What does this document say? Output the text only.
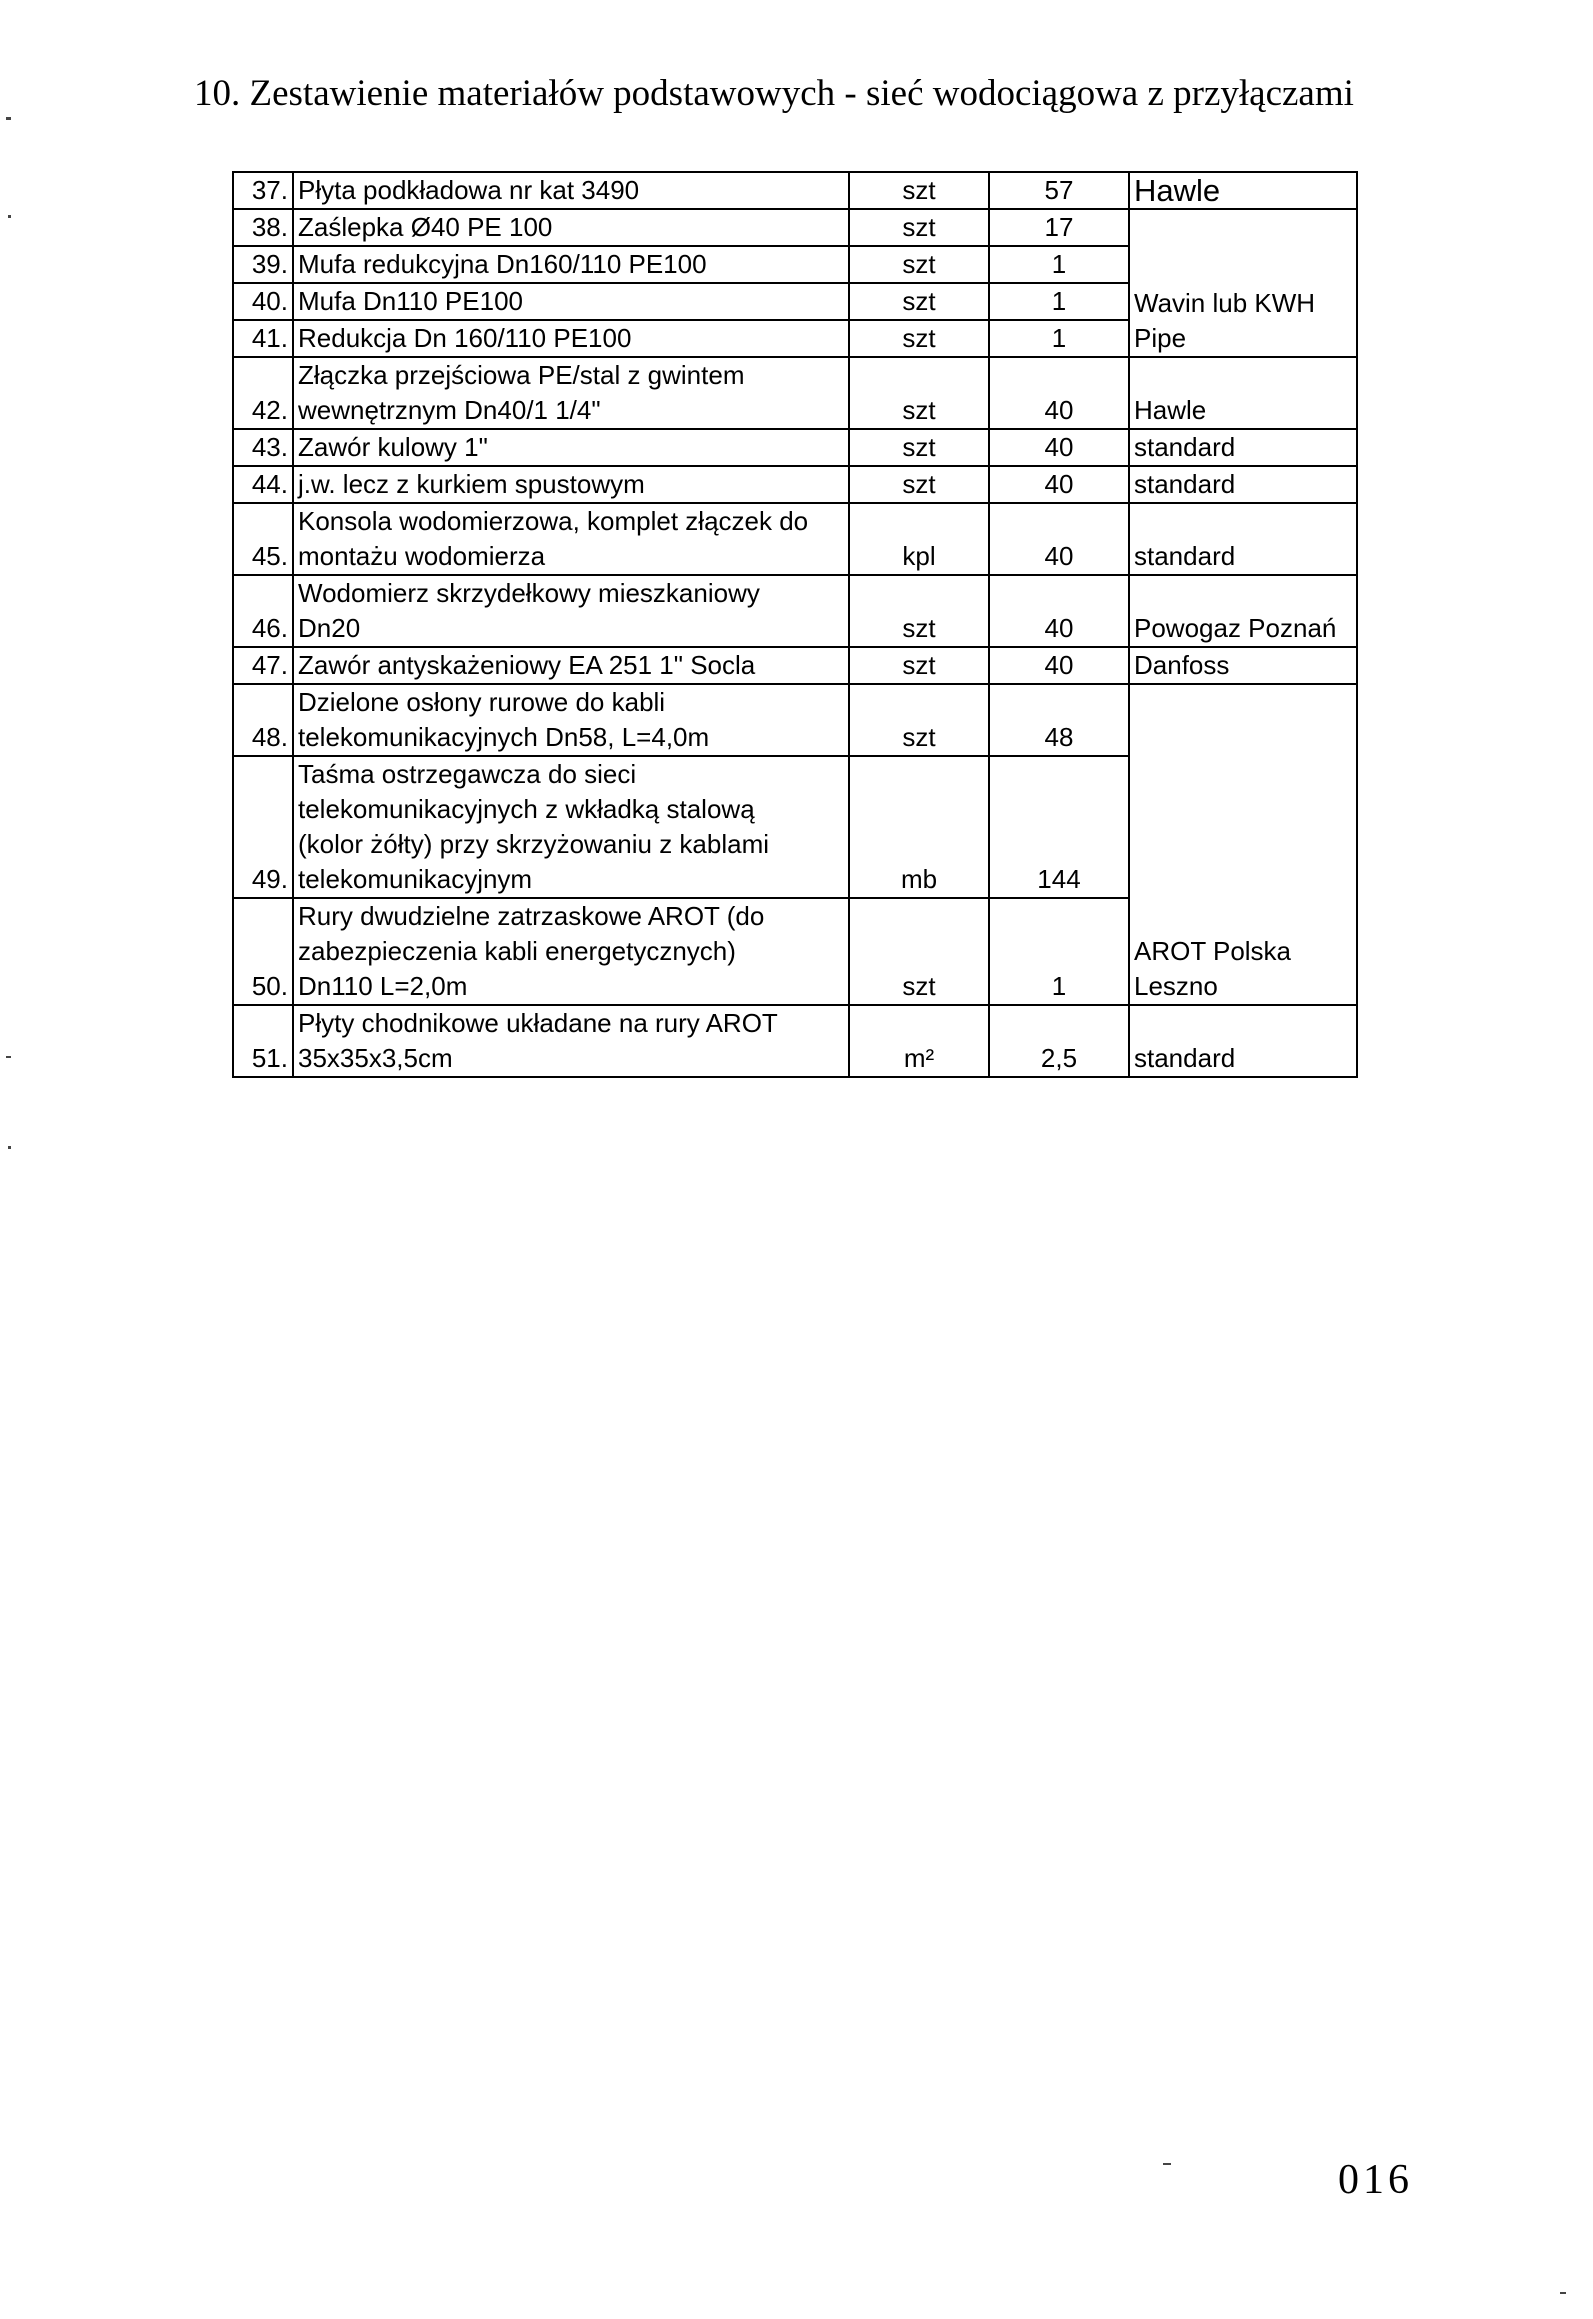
10. Zestawienie materiałów podstawowych - sieć wodociągowa z przyłączami
37.	Płyta podkładowa nr kat 3490	szt	57	Hawle
38.	Zaślepka Ø40 PE 100	szt	17	Wavin lub KWH
Pipe
39.	Mufa redukcyjna Dn160/110 PE100	szt	1	
40.	Mufa Dn110 PE100	szt	1	
41.	Redukcja Dn 160/110 PE100	szt	1	
42.	Złączka przejściowa PE/stal z gwintem
wewnętrznym Dn40/1 1/4"	szt	40	Hawle
43.	Zawór kulowy 1"	szt	40	standard
44.	j.w. lecz z kurkiem spustowym	szt	40	standard
45.	Konsola wodomierzowa, komplet złączek do
montażu wodomierza	kpl	40	standard
46.	Wodomierz skrzydełkowy mieszkaniowy
Dn20	szt	40	Powogaz Poznań
47.	Zawór antyskażeniowy EA 251 1" Socla	szt	40	Danfoss
48.	Dzielone osłony rurowe do kabli
telekomunikacyjnych Dn58, L=4,0m	szt	48	AROT Polska
Leszno
49.	Taśma ostrzegawcza do sieci
telekomunikacyjnych z wkładką stalową
(kolor żółty) przy skrzyżowaniu z kablami
telekomunikacyjnym	mb	144	
50.	Rury dwudzielne zatrzaskowe AROT (do
zabezpieczenia kabli energetycznych)
Dn110 L=2,0m	szt	1	
51.	Płyty chodnikowe układane na rury AROT
35x35x3,5cm	m²	2,5	standard
016
